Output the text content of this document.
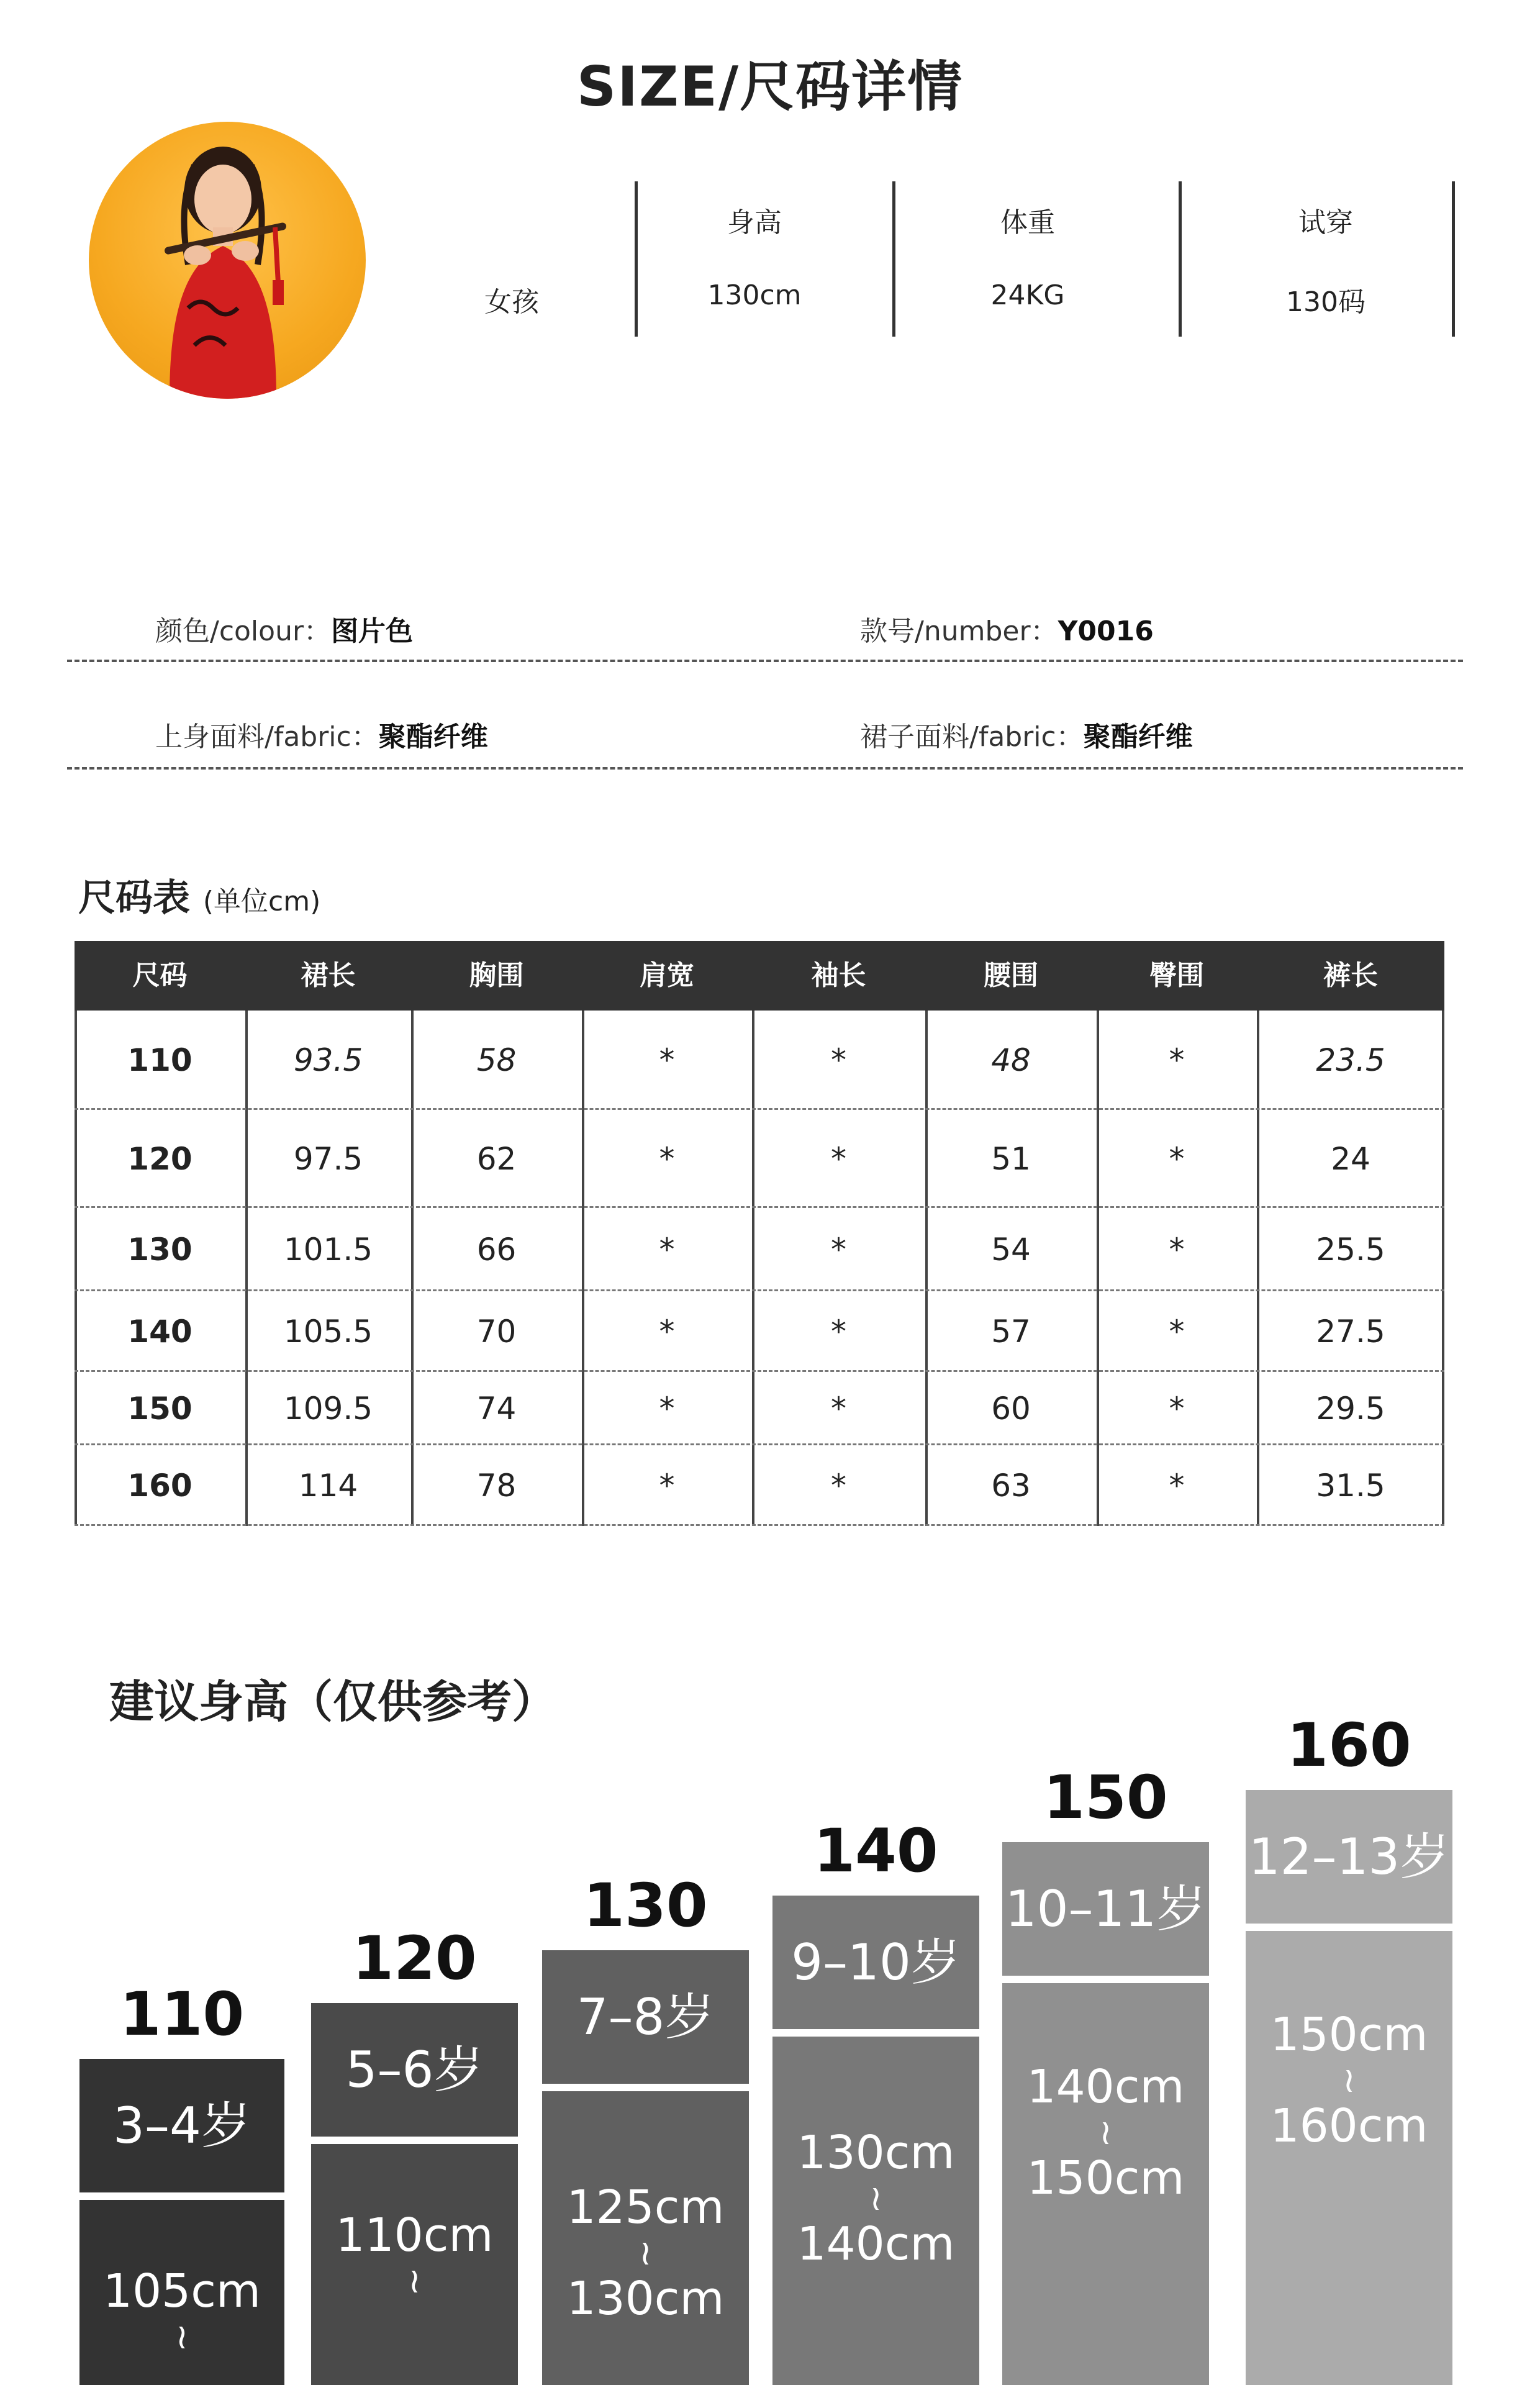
SIZE/尺码详情
女孩
身高
130cm
体重
24KG
试穿
130码
颜色/colour：图片色	款号/number：Y0016
上身面料/fabric：聚酯纤维	裙子面料/fabric：聚酯纤维
尺码表 (单位cm)
尺码	裙长	胸围	肩宽	袖长	腰围	臀围	裤长
110	93.5	58	*	*	48	*	23.5
120	97.5	62	*	*	51	*	24
130	101.5	66	*	*	54	*	25.5
140	105.5	70	*	*	57	*	27.5
150	109.5	74	*	*	60	*	29.5
160	114	78	*	*	63	*	31.5
建议身高（仅供参考）
110
3–4岁
105cm
≀
120
5–6岁
110cm
≀
130
7–8岁
125cm
≀
130cm
140
9–10岁
130cm
≀
140cm
150
10–11岁
140cm
≀
150cm
160
12–13岁
150cm
≀
160cm
